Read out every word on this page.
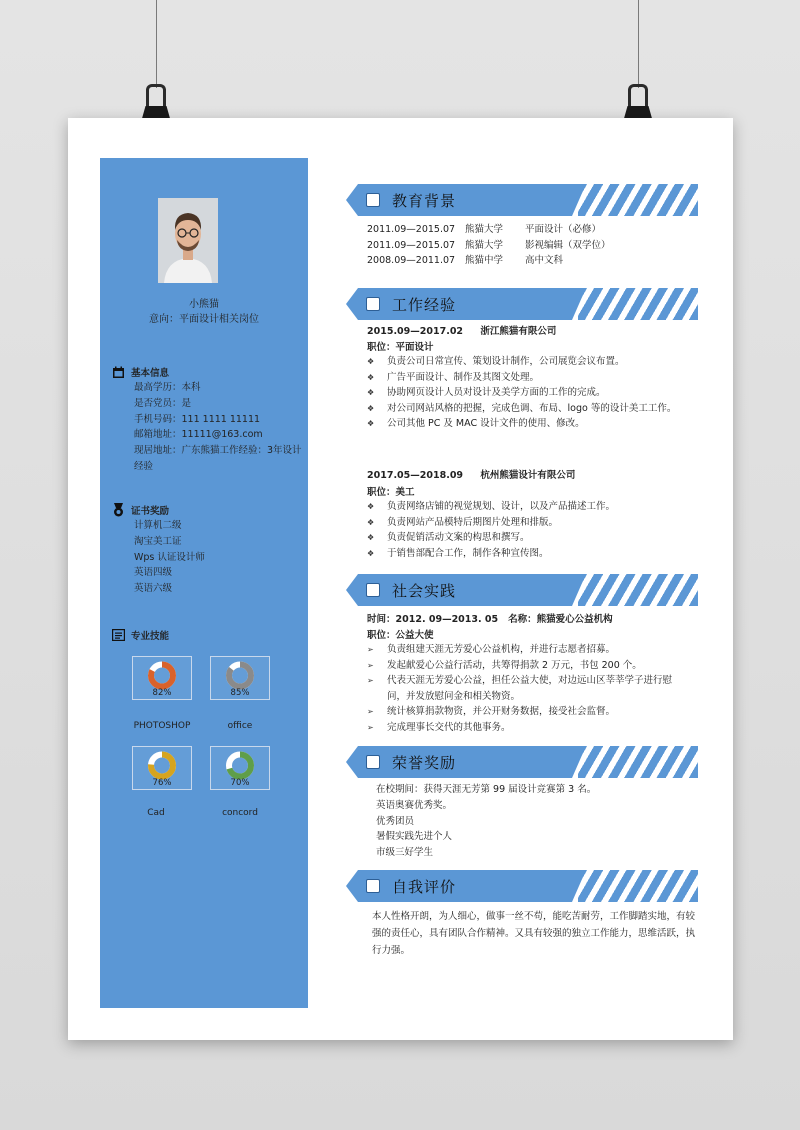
小熊猫
意向：平面设计相关岗位
基本信息
最高学历：本科
是否党员：是
手机号码：111 1111 11111
邮箱地址：11111@163.com
现居地址：广东熊猫工作经验：3年设计经验
证书奖励
计算机二级
淘宝美工证
Wps 认证设计师
英语四级
英语六级
专业技能
82%
PHOTOSHOP
85%
office
76%
Cad
70%
concord
教育背景
2011.09—2015.07	熊猫大学	平面设计（必修）
2011.09—2015.07	熊猫大学	影视编辑（双学位）
2008.09—2011.07	熊猫中学	高中文科
工作经验
2015.09—2017.02 浙江熊猫有限公司
职位：平面设计
❖	负责公司日常宣传、策划设计制作，公司展览会议布置。
❖	广告平面设计、制作及其图文处理。
❖	协助网页设计人员对设计及美学方面的工作的完成。
❖	对公司网站风格的把握，完成色调、布局、logo 等的设计美工工作。
❖	公司其他 PC 及 MAC 设计文件的使用、修改。
2017.05—2018.09 杭州熊猫设计有限公司
职位：美工
❖	负责网络店铺的视觉规划、设计，以及产品描述工作。
❖	负责网站产品模特后期图片处理和排版。
❖	负责促销活动文案的构思和撰写。
❖	于销售部配合工作，制作各种宣传图。
社会实践
时间：2012. 09—2013. 05   名称：熊猫爱心公益机构
职位：公益大使
➢	负责组建天涯无芳爱心公益机构，并进行志愿者招募。
➢	发起献爱心公益行活动，共筹得捐款 2 万元，书包 200 个。
➢	代表天涯无芳爱心公益，担任公益大使，对边远山区莘莘学子进行慰问，并发放慰问金和相关物资。
➢	统计核算捐款物资，并公开财务数据，接受社会监督。
➢	完成理事长交代的其他事务。
荣誉奖励
在校期间：获得天涯无芳第 99 届设计竞赛第 3 名。
英语奥赛优秀奖。
优秀团员
暑假实践先进个人
市级三好学生
自我评价
本人性格开朗，为人细心，做事一丝不苟，能吃苦耐劳，工作脚踏实地，有较强的责任心，具有团队合作精神。又具有较强的独立工作能力，思维活跃，执行力强。
